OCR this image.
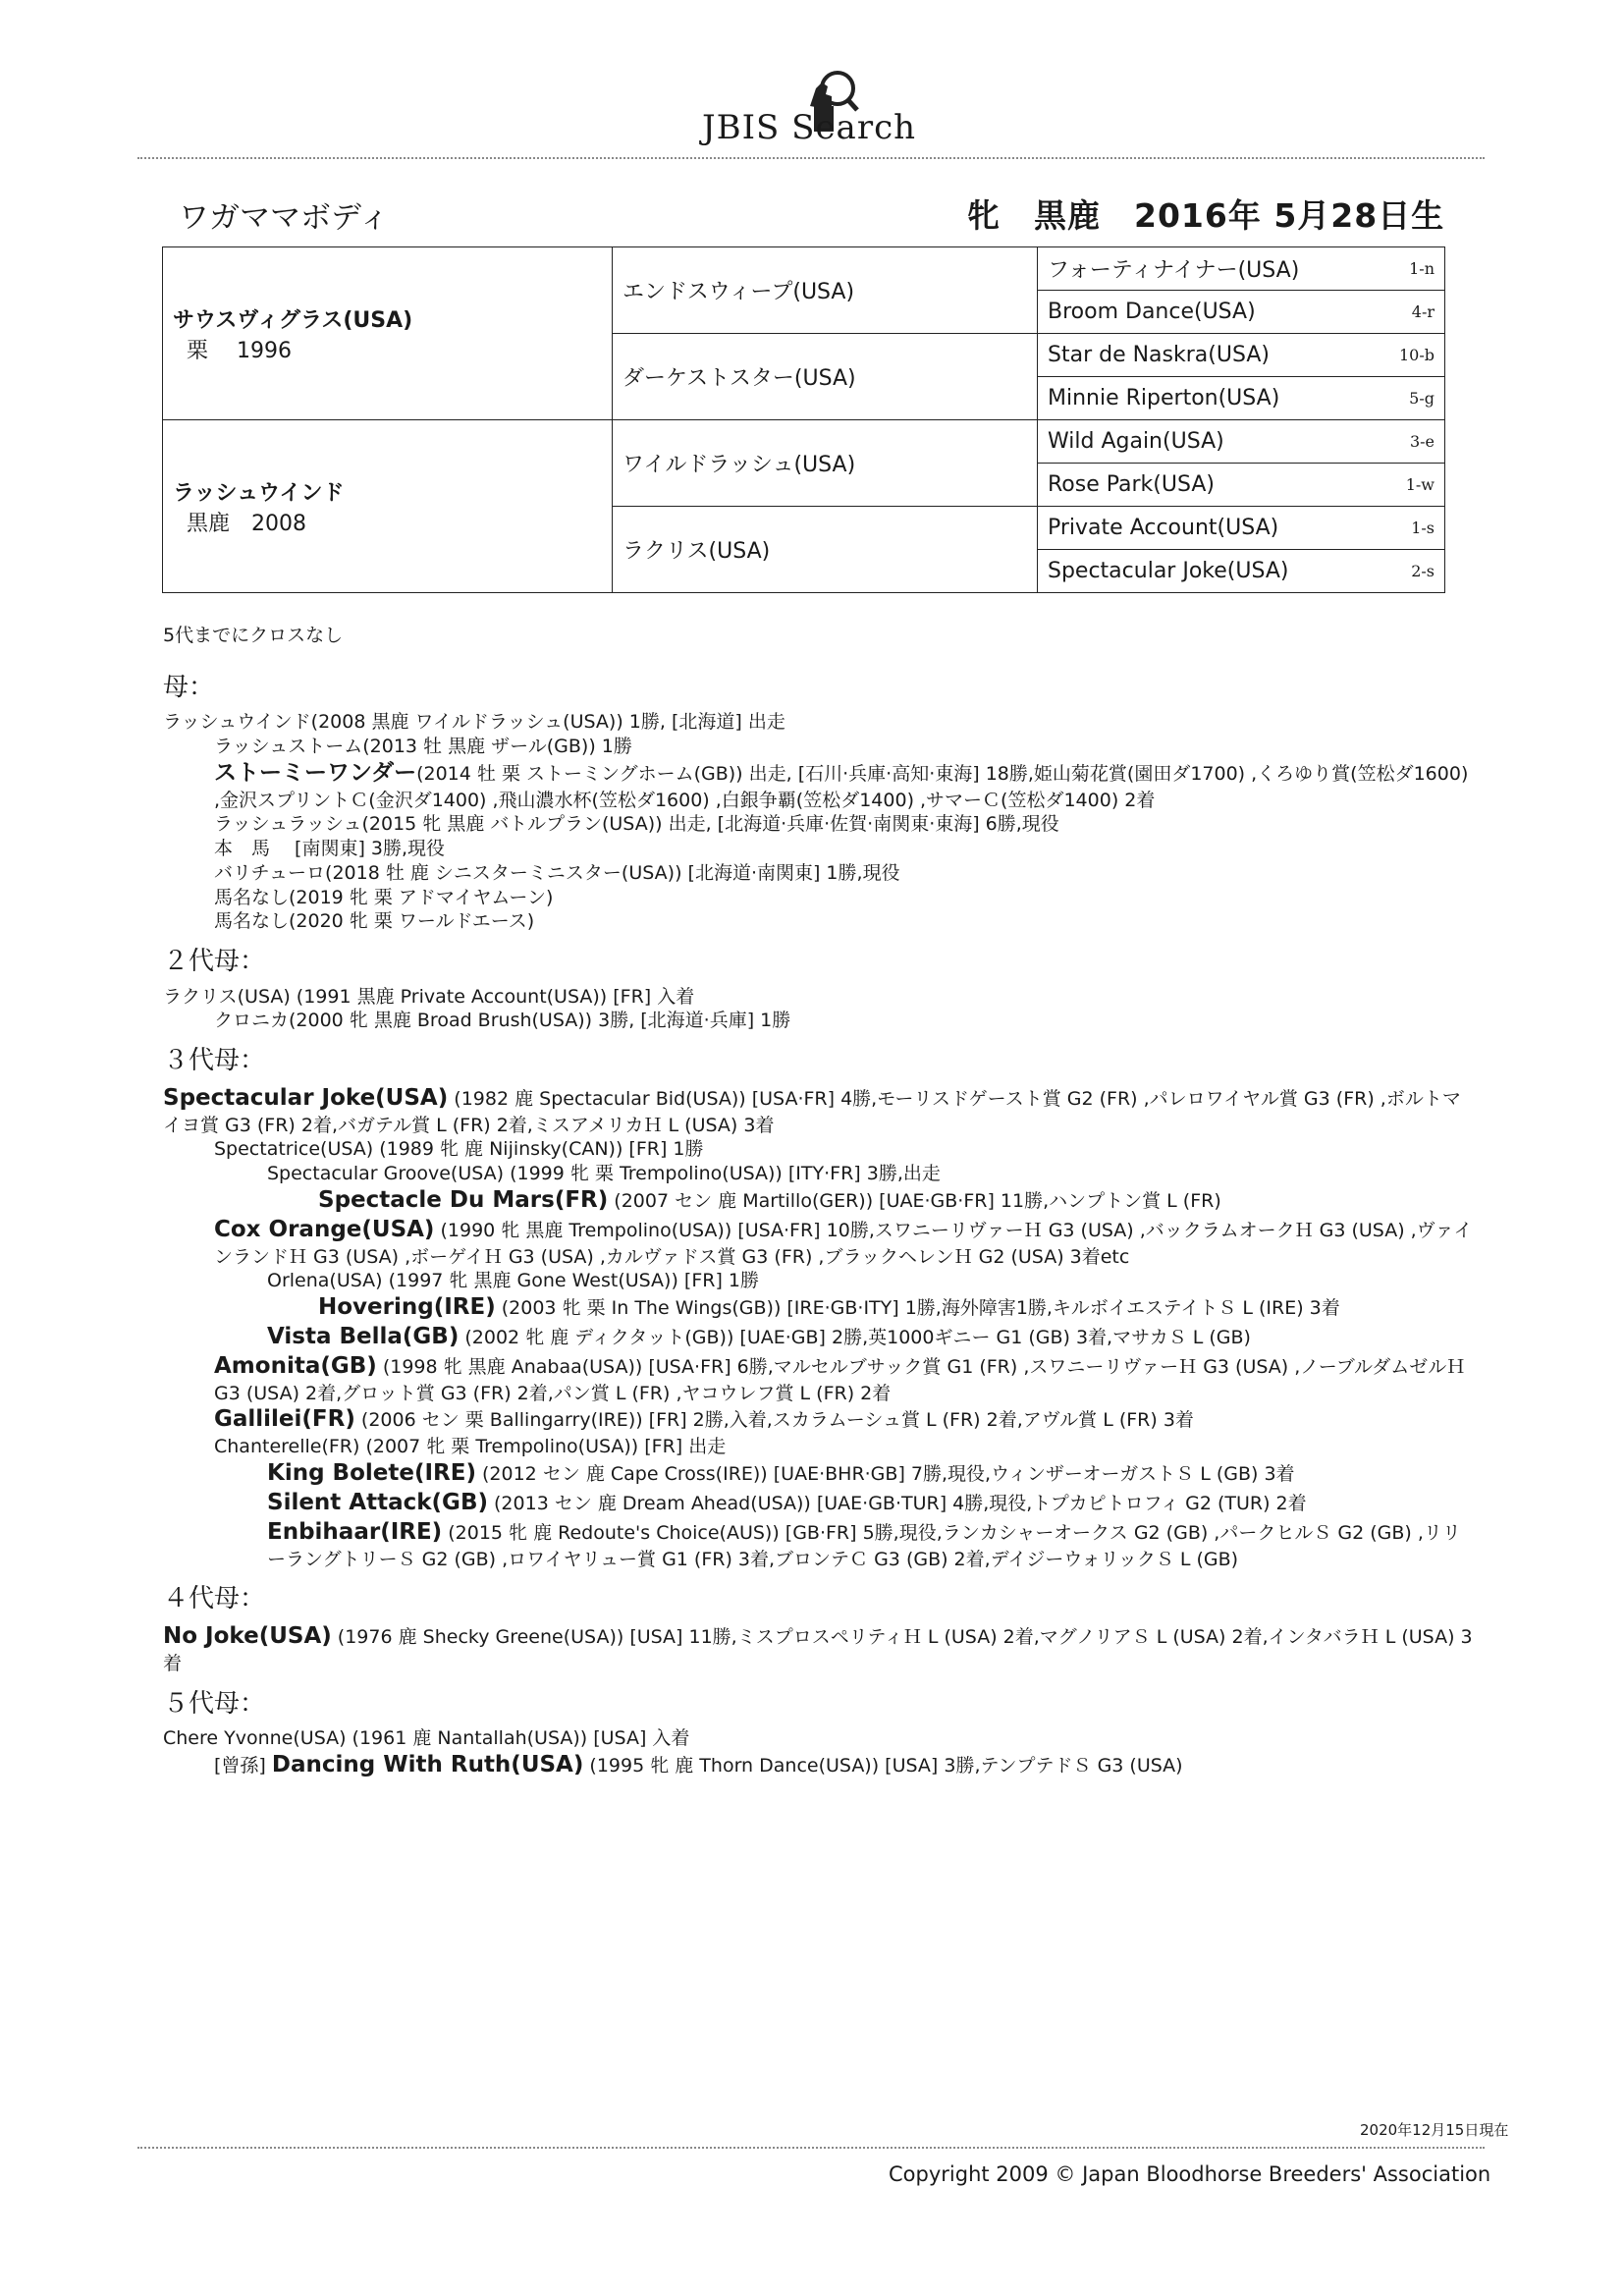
JBIS Search
ワガママボディ	牝　黒鹿　2016年 5月28日生
サウスヴィグラス(USA)
栗　 1996	エンドスウィープ(USA)	フォーティナイナー(USA) 1-n

		Broom Dance(USA) 4-r

	ダーケストスター(USA)	Star de Naskra(USA) 10-b

		Minnie Riperton(USA) 5-g

ラッシュウインド
黒鹿　2008	ワイルドラッシュ(USA)	Wild Again(USA) 3-e

		Rose Park(USA) 1-w

	ラクリス(USA)	Private Account(USA) 1-s

		Spectacular Joke(USA) 2-s

5代までにクロスなし

母：

ラッシュウインド(2008 黒鹿 ワイルドラッシュ(USA)) 1勝, [北海道] 出走

ラッシュストーム(2013 牡 黒鹿 ザール(GB)) 1勝

ストーミーワンダー(2014 牡 栗 ストーミングホーム(GB)) 出走, [石川·兵庫·高知·東海] 18勝,姫山菊花賞(園田ダ1700) ,くろゆり賞(笠松ダ1600) ,金沢スプリントＣ(金沢ダ1400) ,飛山濃水杯(笠松ダ1600) ,白銀争覇(笠松ダ1400) ,サマーＣ(笠松ダ1400) 2着

ラッシュラッシュ(2015 牝 黒鹿 バトルプラン(USA)) 出走, [北海道·兵庫·佐賀·南関東·東海] 6勝,現役

本　馬　 [南関東] 3勝,現役

バリチューロ(2018 牡 鹿 シニスターミニスター(USA)) [北海道·南関東] 1勝,現役

馬名なし(2019 牝 栗 アドマイヤムーン)

馬名なし(2020 牝 栗 ワールドエース)

２代母：

ラクリス(USA) (1991 黒鹿 Private Account(USA)) [FR] 入着

クロニカ(2000 牝 黒鹿 Broad Brush(USA)) 3勝, [北海道·兵庫] 1勝

３代母：

Spectacular Joke(USA) (1982 鹿 Spectacular Bid(USA)) [USA·FR] 4勝,モーリスドゲースト賞 G2 (FR) ,パレロワイヤル賞 G3 (FR) ,ボルトマイヨ賞 G3 (FR) 2着,バガテル賞 L (FR) 2着,ミスアメリカＨ L (USA) 3着

Spectatrice(USA) (1989 牝 鹿 Nijinsky(CAN)) [FR] 1勝

Spectacular Groove(USA) (1999 牝 栗 Trempolino(USA)) [ITY·FR] 3勝,出走

Spectacle Du Mars(FR) (2007 セン 鹿 Martillo(GER)) [UAE·GB·FR] 11勝,ハンプトン賞 L (FR)

Cox Orange(USA) (1990 牝 黒鹿 Trempolino(USA)) [USA·FR] 10勝,スワニーリヴァーＨ G3 (USA) ,バックラムオークＨ G3 (USA) ,ヴァインランドＨ G3 (USA) ,ボーゲイＨ G3 (USA) ,カルヴァドス賞 G3 (FR) ,ブラックヘレンＨ G2 (USA) 3着etc

Orlena(USA) (1997 牝 黒鹿 Gone West(USA)) [FR] 1勝

Hovering(IRE) (2003 牝 栗 In The Wings(GB)) [IRE·GB·ITY] 1勝,海外障害1勝,キルボイエステイトＳ L (IRE) 3着

Vista Bella(GB) (2002 牝 鹿 ディクタット(GB)) [UAE·GB] 2勝,英1000ギニー G1 (GB) 3着,マサカＳ L (GB)

Amonita(GB) (1998 牝 黒鹿 Anabaa(USA)) [USA·FR] 6勝,マルセルブサック賞 G1 (FR) ,スワニーリヴァーＨ G3 (USA) ,ノーブルダムゼルＨ G3 (USA) 2着,グロット賞 G3 (FR) 2着,パン賞 L (FR) ,ヤコウレフ賞 L (FR) 2着

Gallilei(FR) (2006 セン 栗 Ballingarry(IRE)) [FR] 2勝,入着,スカラムーシュ賞 L (FR) 2着,アヴル賞 L (FR) 3着

Chanterelle(FR) (2007 牝 栗 Trempolino(USA)) [FR] 出走

King Bolete(IRE) (2012 セン 鹿 Cape Cross(IRE)) [UAE·BHR·GB] 7勝,現役,ウィンザーオーガストＳ L (GB) 3着

Silent Attack(GB) (2013 セン 鹿 Dream Ahead(USA)) [UAE·GB·TUR] 4勝,現役,トプカピトロフィ G2 (TUR) 2着

Enbihaar(IRE) (2015 牝 鹿 Redoute's Choice(AUS)) [GB·FR] 5勝,現役,ランカシャーオークス G2 (GB) ,パークヒルＳ G2 (GB) ,リリーラングトリーＳ G2 (GB) ,ロワイヤリュー賞 G1 (FR) 3着,ブロンテＣ G3 (GB) 2着,デイジーウォリックＳ L (GB)

４代母：

No Joke(USA) (1976 鹿 Shecky Greene(USA)) [USA] 11勝,ミスプロスペリティＨ L (USA) 2着,マグノリアＳ L (USA) 2着,インタバラＨ L (USA) 3着

５代母：

Chere Yvonne(USA) (1961 鹿 Nantallah(USA)) [USA] 入着

[曾孫] Dancing With Ruth(USA) (1995 牝 鹿 Thorn Dance(USA)) [USA] 3勝,テンプテドＳ G3 (USA)

2020年12月15日現在
Copyright 2009 © Japan Bloodhorse Breeders' Association
